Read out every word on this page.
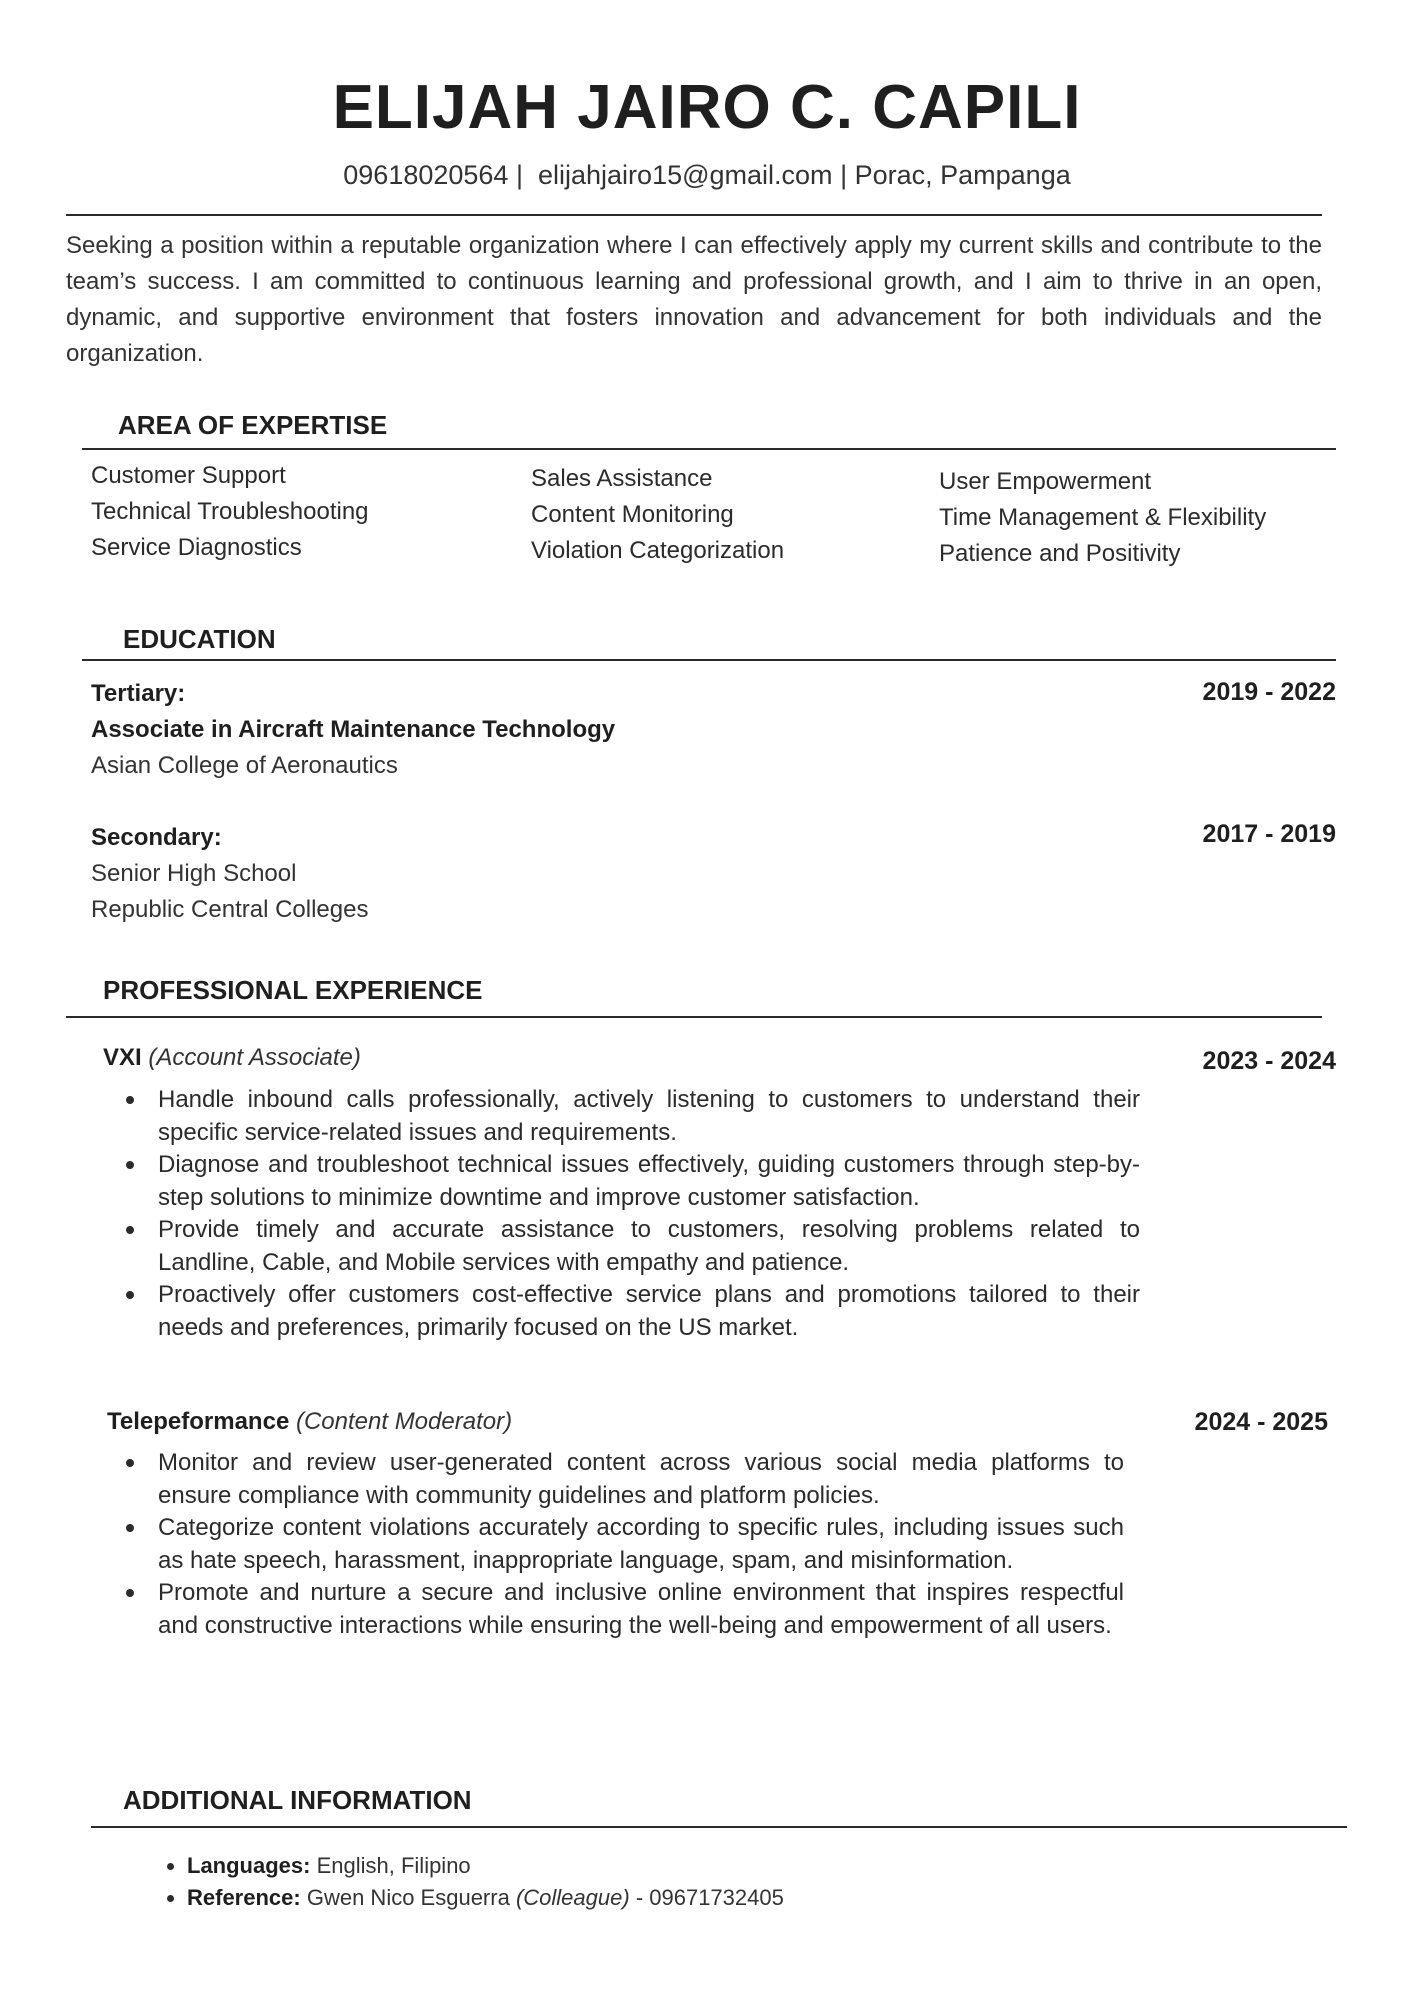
ELIJAH JAIRO C. CAPILI
09618020564 | elijahjairo15@gmail.com | Porac, Pampanga
Seeking a position within a reputable organization where I can effectively apply my current skills and contribute to the team’s success. I am committed to continuous learning and professional growth, and I aim to thrive in an open, dynamic, and supportive environment that fosters innovation and advancement for both individuals and the organization.
AREA OF EXPERTISE
Customer Support
Technical Troubleshooting
Service Diagnostics
Sales Assistance
Content Monitoring
Violation Categorization
User Empowerment
Time Management & Flexibility
Patience and Positivity
EDUCATION
Tertiary:
Associate in Aircraft Maintenance Technology
Asian College of Aeronautics
2019 - 2022
Secondary:
Senior High School
Republic Central Colleges
2017 - 2019
PROFESSIONAL EXPERIENCE
VXI (Account Associate)	2023 - 2024
Handle inbound calls professionally, actively listening to customers to understand their specific service-related issues and requirements.
Diagnose and troubleshoot technical issues effectively, guiding customers through step-by-step solutions to minimize downtime and improve customer satisfaction.
Provide timely and accurate assistance to customers, resolving problems related to Landline, Cable, and Mobile services with empathy and patience.
Proactively offer customers cost-effective service plans and promotions tailored to their needs and preferences, primarily focused on the US market.
Telepeformance (Content Moderator)	2024 - 2025
Monitor and review user-generated content across various social media platforms to ensure compliance with community guidelines and platform policies.
Categorize content violations accurately according to specific rules, including issues such as hate speech, harassment, inappropriate language, spam, and misinformation.
Promote and nurture a secure and inclusive online environment that inspires respectful and constructive interactions while ensuring the well-being and empowerment of all users.
ADDITIONAL INFORMATION
Languages: English, Filipino
Reference: Gwen Nico Esguerra (Colleague) - 09671732405
